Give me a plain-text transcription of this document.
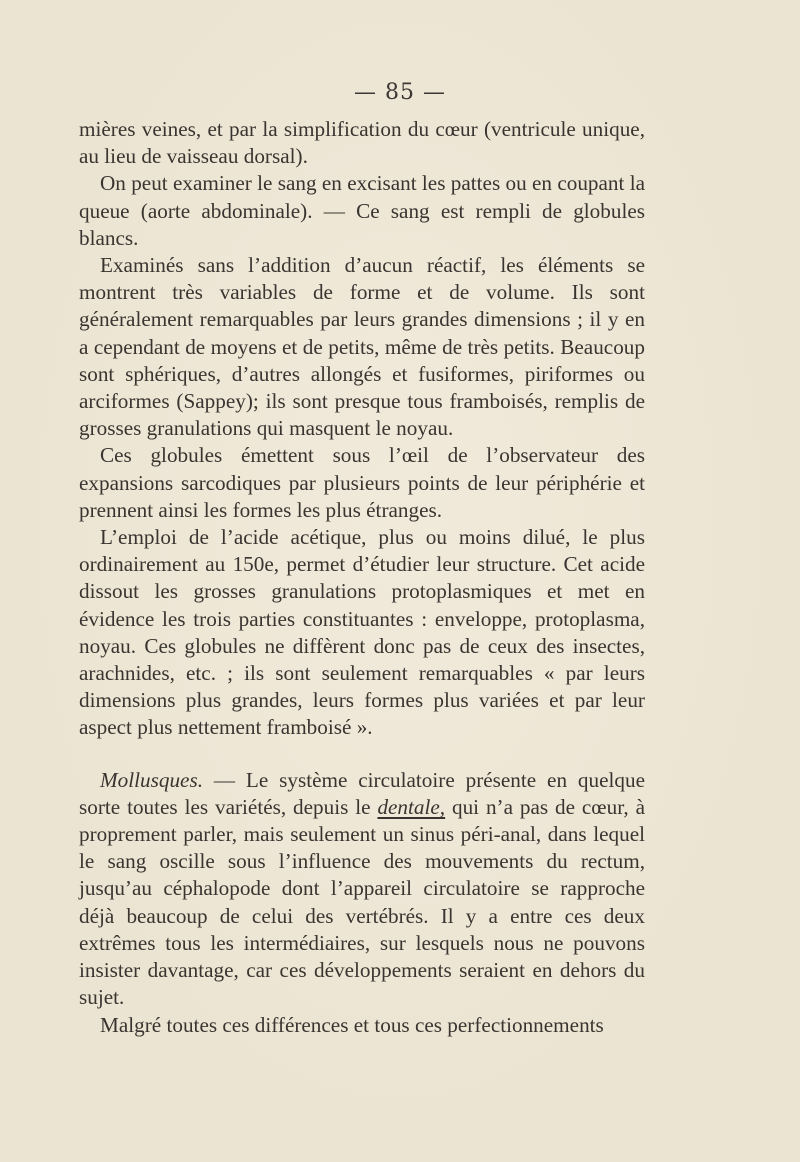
— 85 —

mières veines, et par la simplification du cœur (ventricule unique, au lieu de vaisseau dorsal).

On peut examiner le sang en excisant les pattes ou en coupant la queue (aorte abdominale). — Ce sang est rempli de globules blancs.

Examinés sans l’addition d’aucun réactif, les éléments se montrent très variables de forme et de volume. Ils sont généralement remarquables par leurs grandes dimensions ; il y en a cependant de moyens et de petits, même de très petits. Beaucoup sont sphériques, d’autres allongés et fusiformes, piriformes ou arciformes (Sappey); ils sont presque tous framboisés, remplis de grosses granulations qui masquent le noyau.

Ces globules émettent sous l’œil de l’observateur des expansions sarcodiques par plusieurs points de leur périphérie et prennent ainsi les formes les plus étranges.

L’emploi de l’acide acétique, plus ou moins dilué, le plus ordinairement au 150e, permet d’étudier leur structure. Cet acide dissout les grosses granulations protoplasmiques et met en évidence les trois parties constituantes : enveloppe, protoplasma, noyau. Ces globules ne diffèrent donc pas de ceux des insectes, arachnides, etc. ; ils sont seulement remarquables « par leurs dimensions plus grandes, leurs formes plus variées et par leur aspect plus nettement framboisé ».

Mollusques. — Le système circulatoire présente en quelque sorte toutes les variétés, depuis le dentale, qui n’a pas de cœur, à proprement parler, mais seulement un sinus péri-anal, dans lequel le sang oscille sous l’influence des mouvements du rectum, jusqu’au céphalopode dont l’appareil circulatoire se rapproche déjà beaucoup de celui des vertébrés. Il y a entre ces deux extrêmes tous les intermédiaires, sur lesquels nous ne pouvons insister davantage, car ces développements seraient en dehors du sujet.

Malgré toutes ces différences et tous ces perfectionnements
